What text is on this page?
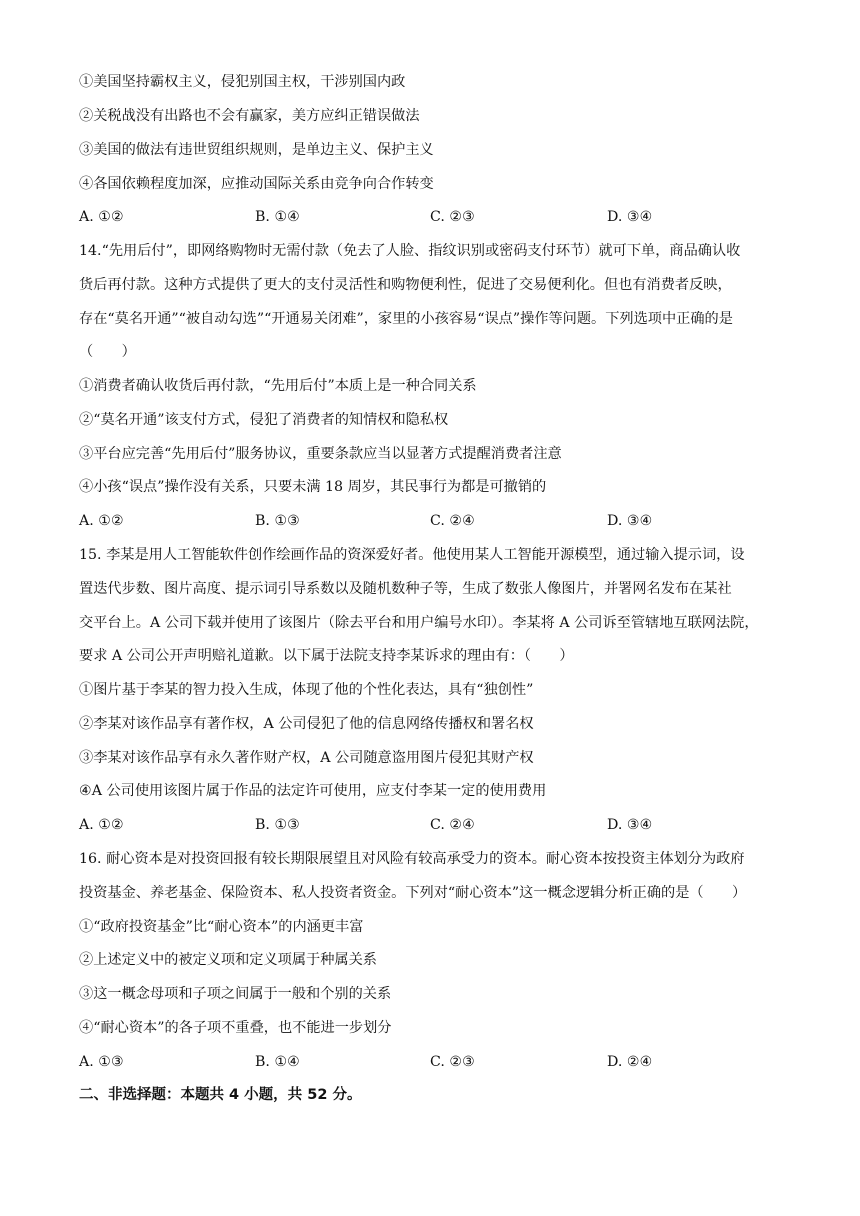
①美国坚持霸权主义，侵犯别国主权，干涉别国内政
②关税战没有出路也不会有赢家，美方应纠正错误做法
③美国的做法有违世贸组织规则，是单边主义、保护主义
④各国依赖程度加深，应推动国际关系由竞争向合作转变
A. ①②	B. ①④	C. ②③	D. ③④
14.“先用后付”，即网络购物时无需付款（免去了人脸、指纹识别或密码支付环节）就可下单，商品确认收
货后再付款。这种方式提供了更大的支付灵活性和购物便利性，促进了交易便利化。但也有消费者反映，
存在“莫名开通”“被自动勾选”“开通易关闭难”，家里的小孩容易“误点”操作等问题。下列选项中正确的是
（　　）
①消费者确认收货后再付款，“先用后付”本质上是一种合同关系
②“莫名开通”该支付方式，侵犯了消费者的知情权和隐私权
③平台应完善“先用后付”服务协议，重要条款应当以显著方式提醒消费者注意
④小孩“误点”操作没有关系，只要未满 18 周岁，其民事行为都是可撤销的
A. ①②	B. ①③	C. ②④	D. ③④
15. 李某是用人工智能软件创作绘画作品的资深爱好者。他使用某人工智能开源模型，通过输入提示词，设
置迭代步数、图片高度、提示词引导系数以及随机数种子等，生成了数张人像图片，并署网名发布在某社
交平台上。A 公司下载并使用了该图片（除去平台和用户编号水印）。李某将 A 公司诉至管辖地互联网法院，
要求 A 公司公开声明赔礼道歉。以下属于法院支持李某诉求的理由有：（　　）
①图片基于李某的智力投入生成，体现了他的个性化表达，具有“独创性”
②李某对该作品享有著作权，A 公司侵犯了他的信息网络传播权和署名权
③李某对该作品享有永久著作财产权，A 公司随意盗用图片侵犯其财产权
④A 公司使用该图片属于作品的法定许可使用，应支付李某一定的使用费用
A. ①②	B. ①③	C. ②④	D. ③④
16. 耐心资本是对投资回报有较长期限展望且对风险有较高承受力的资本。耐心资本按投资主体划分为政府
投资基金、养老基金、保险资本、私人投资者资金。下列对“耐心资本”这一概念逻辑分析正确的是（　　）
①“政府投资基金”比“耐心资本”的内涵更丰富
②上述定义中的被定义项和定义项属于种属关系
③这一概念母项和子项之间属于一般和个别的关系
④“耐心资本”的各子项不重叠，也不能进一步划分
A. ①③	B. ①④	C. ②③	D. ②④
二、非选择题：本题共 4 小题，共 52 分。
